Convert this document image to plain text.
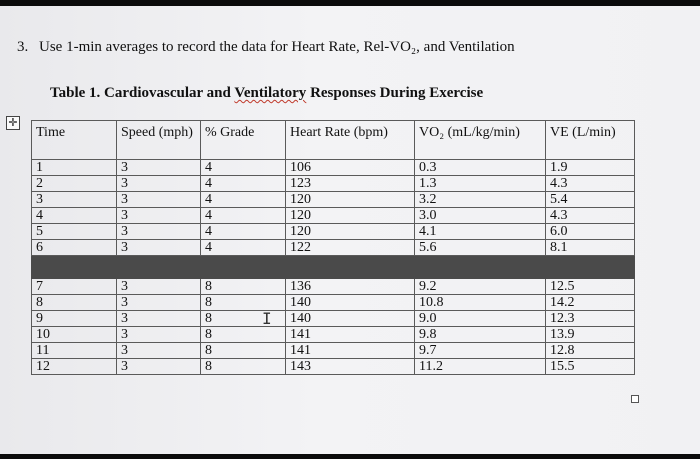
3. Use 1-min averages to record the data for Heart Rate, Rel-VO₂, and Ventilation
Table 1. Cardiovascular and Ventilatory Responses During Exercise
✛
I
Time	Speed (mph)	% Grade	Heart Rate (bpm)	VO₂ (mL/kg/min)	VE (L/min)
1	3	4	106	0.3	1.9
2	3	4	123	1.3	4.3
3	3	4	120	3.2	5.4
4	3	4	120	3.0	4.3
5	3	4	120	4.1	6.0
6	3	4	122	5.6	8.1

7	3	8	136	9.2	12.5
8	3	8	140	10.8	14.2
9	3	8	140	9.0	12.3
10	3	8	141	9.8	13.9
11	3	8	141	9.7	12.8
12	3	8	143	11.2	15.5
